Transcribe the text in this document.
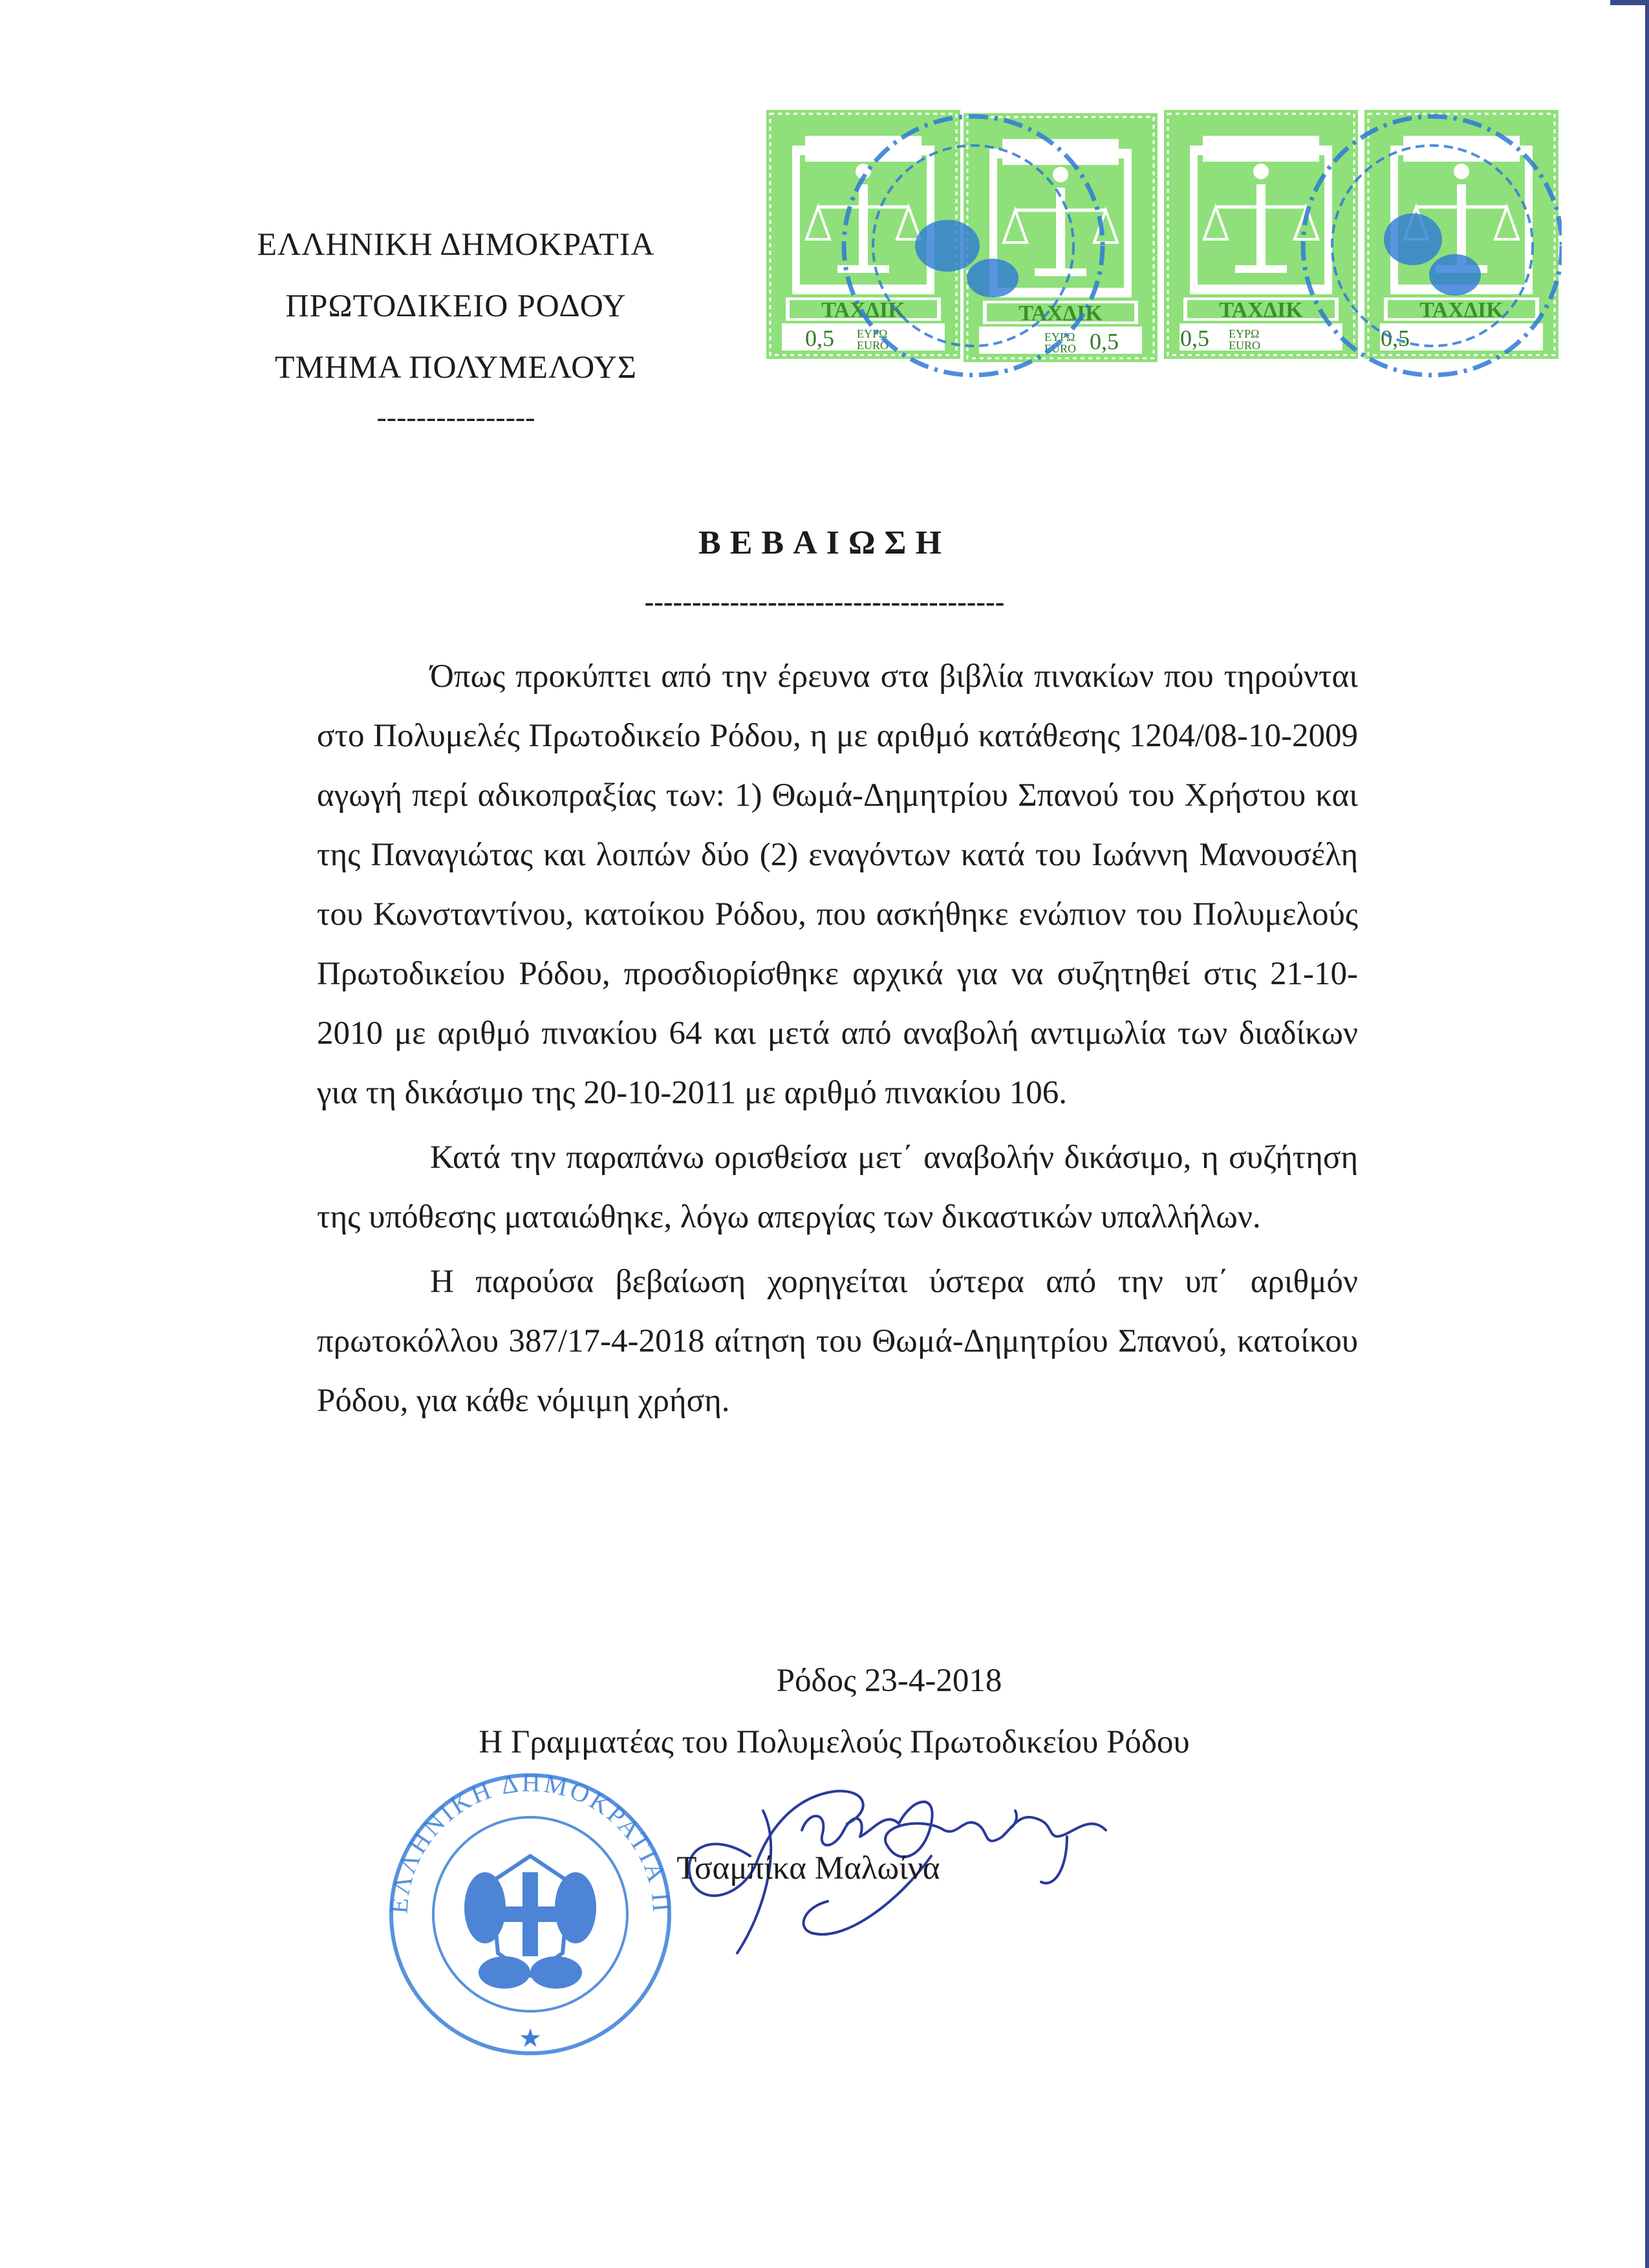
ΕΛΛΗΝΙΚΗ ΔΗΜΟΚΡΑΤΙΑ
ΠΡΩΤΟΔΙΚΕΙΟ ΡΟΔΟΥ
ΤΜΗΜΑ ΠΟΛΥΜΕΛΟΥΣ
----------------
ΤΑΧΔΙΚ	ΤΑΧΔΙΚ	ΤΑΧΔΙΚ	ΤΑΧΔΙΚ
0,5 ΕΥΡΩ
EURO	0,5
ΕΥΡΩ
EURO	0,5 ΕΥΡΩ
EURO	0,5
ΒΕΒΑΙΩΣΗ
--------------------------------------

Όπως προκύπτει από την έρευνα στα βιβλία πινακίων που τηρούνται στο Πολυμελές Πρωτοδικείο Ρόδου, η με αριθμό κατάθεσης 1204/08-10-2009 αγωγή περί αδικοπραξίας των: 1) Θωμά-Δημητρίου Σπανού του Χρήστου και της Παναγιώτας και λοιπών δύο (2) εναγόντων κατά του Ιωάννη Μανουσέλη του Κωνσταντίνου, κατοίκου Ρόδου, που ασκήθηκε ενώπιον του Πολυμελούς Πρωτοδικείου Ρόδου, προσδιορίσθηκε αρχικά για να συζητηθεί στις 21-10-2010 με αριθμό πινακίου 64 και μετά από αναβολή αντιμωλία των διαδίκων για τη δικάσιμο της 20-10-2011 με αριθμό πινακίου 106.

Κατά την παραπάνω ορισθείσα μετ΄ αναβολήν δικάσιμο, η συζήτηση της υπόθεσης ματαιώθηκε, λόγω απεργίας των δικαστικών υπαλλήλων.

Η παρούσα βεβαίωση χορηγείται ύστερα από την υπ΄ αριθμόν πρωτοκόλλου 387/17-4-2018 αίτηση του Θωμά-Δημητρίου Σπανού, κατοίκου Ρόδου, για κάθε νόμιμη χρήση.

Ρόδος 23-4-2018
Η Γραμματέας του Πολυμελούς Πρωτοδικείου Ρόδου
ΕΛΛΗΝΙΚΗ ΔΗΜΟΚΡΑΤΙΑ Π
★
Τσαμπίκα Μαλωίνα
